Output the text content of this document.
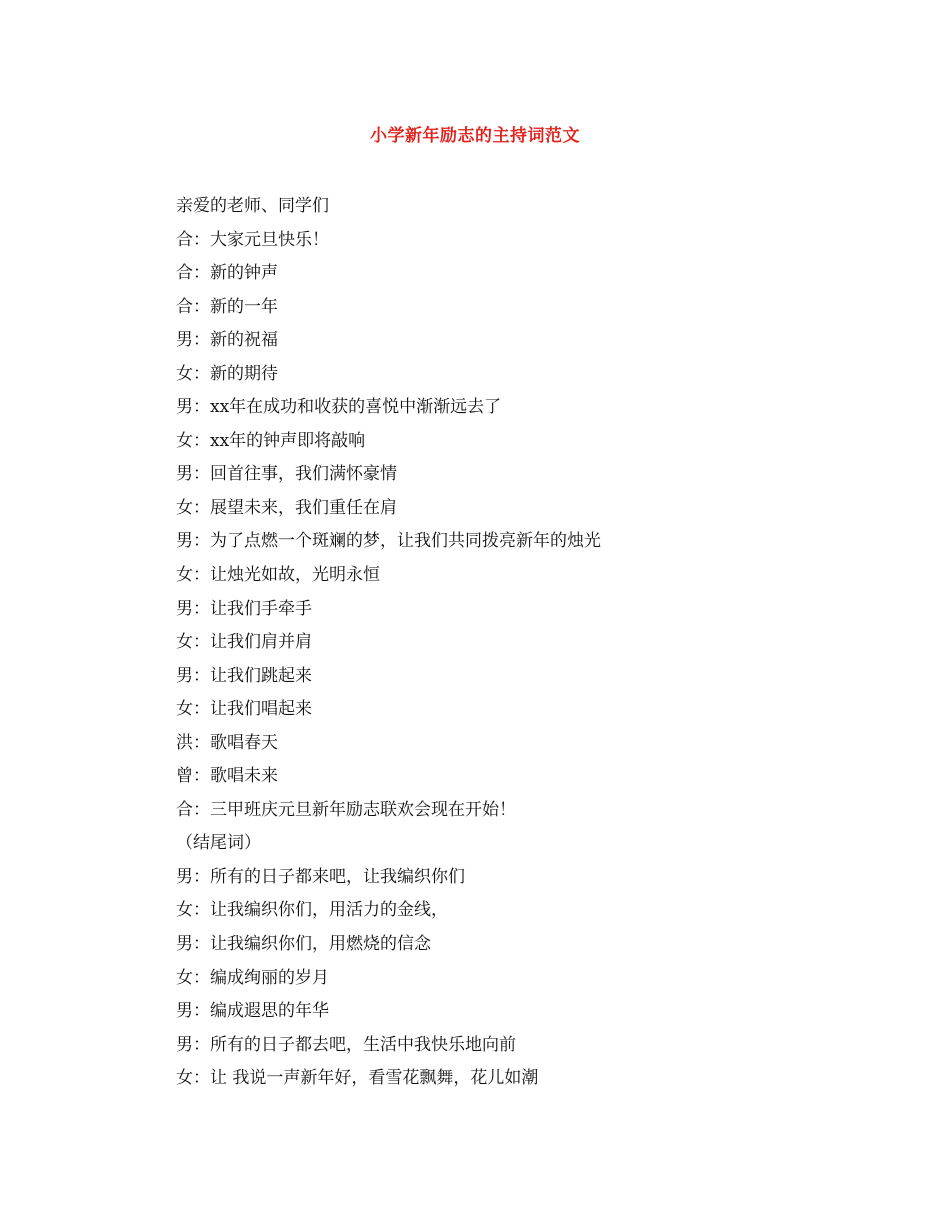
小学新年励志的主持词范文
亲爱的老师、同学们
合：大家元旦快乐！
合：新的钟声
合：新的一年
男：新的祝福
女：新的期待
男：xx年在成功和收获的喜悦中渐渐远去了
女：xx年的钟声即将敲响
男：回首往事，我们满怀豪情
女：展望未来，我们重任在肩
男：为了点燃一个斑斓的梦，让我们共同拨亮新年的烛光
女：让烛光如故，光明永恒
男：让我们手牵手
女：让我们肩并肩
男：让我们跳起来
女：让我们唱起来
洪：歌唱春天
曾：歌唱未来
合：三甲班庆元旦新年励志联欢会现在开始！
（结尾词）
男：所有的日子都来吧，让我编织你们
女：让我编织你们，用活力的金线，
男：让我编织你们，用燃烧的信念
女：编成绚丽的岁月
男：编成遐思的年华
男：所有的日子都去吧，生活中我快乐地向前
女：让 我说一声新年好，看雪花飘舞，花儿如潮
